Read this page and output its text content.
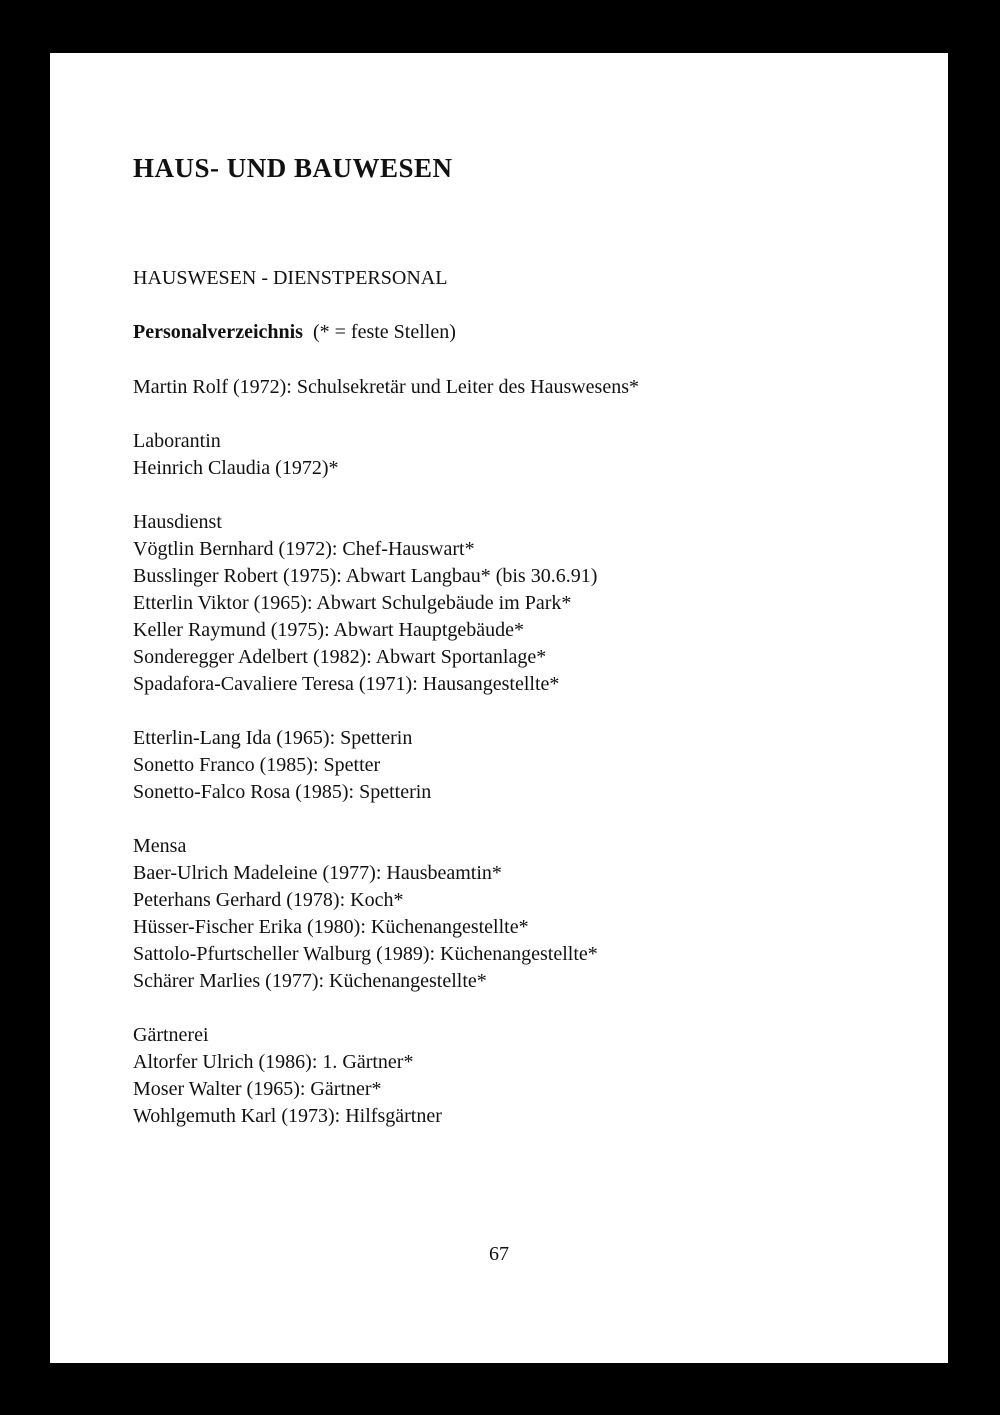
HAUS- UND BAUWESEN
HAUSWESEN - DIENSTPERSONAL

Personalverzeichnis (* = feste Stellen)

Martin Rolf (1972): Schulsekretär und Leiter des Hauswesens*
Laborantin
Heinrich Claudia (1972)*
Hausdienst
Vögtlin Bernhard (1972): Chef-Hauswart*
Busslinger Robert (1975): Abwart Langbau* (bis 30.6.91)
Etterlin Viktor (1965): Abwart Schulgebäude im Park*
Keller Raymund (1975): Abwart Hauptgebäude*
Sonderegger Adelbert (1982): Abwart Sportanlage*
Spadafora-Cavaliere Teresa (1971): Hausangestellte*
Etterlin-Lang Ida (1965): Spetterin
Sonetto Franco (1985): Spetter
Sonetto-Falco Rosa (1985): Spetterin
Mensa
Baer-Ulrich Madeleine (1977): Hausbeamtin*
Peterhans Gerhard (1978): Koch*
Hüsser-Fischer Erika (1980): Küchenangestellte*
Sattolo-Pfurtscheller Walburg (1989): Küchenangestellte*
Schärer Marlies (1977): Küchenangestellte*
Gärtnerei
Altorfer Ulrich (1986): 1. Gärtner*
Moser Walter (1965): Gärtner*
Wohlgemuth Karl (1973): Hilfsgärtner
67
